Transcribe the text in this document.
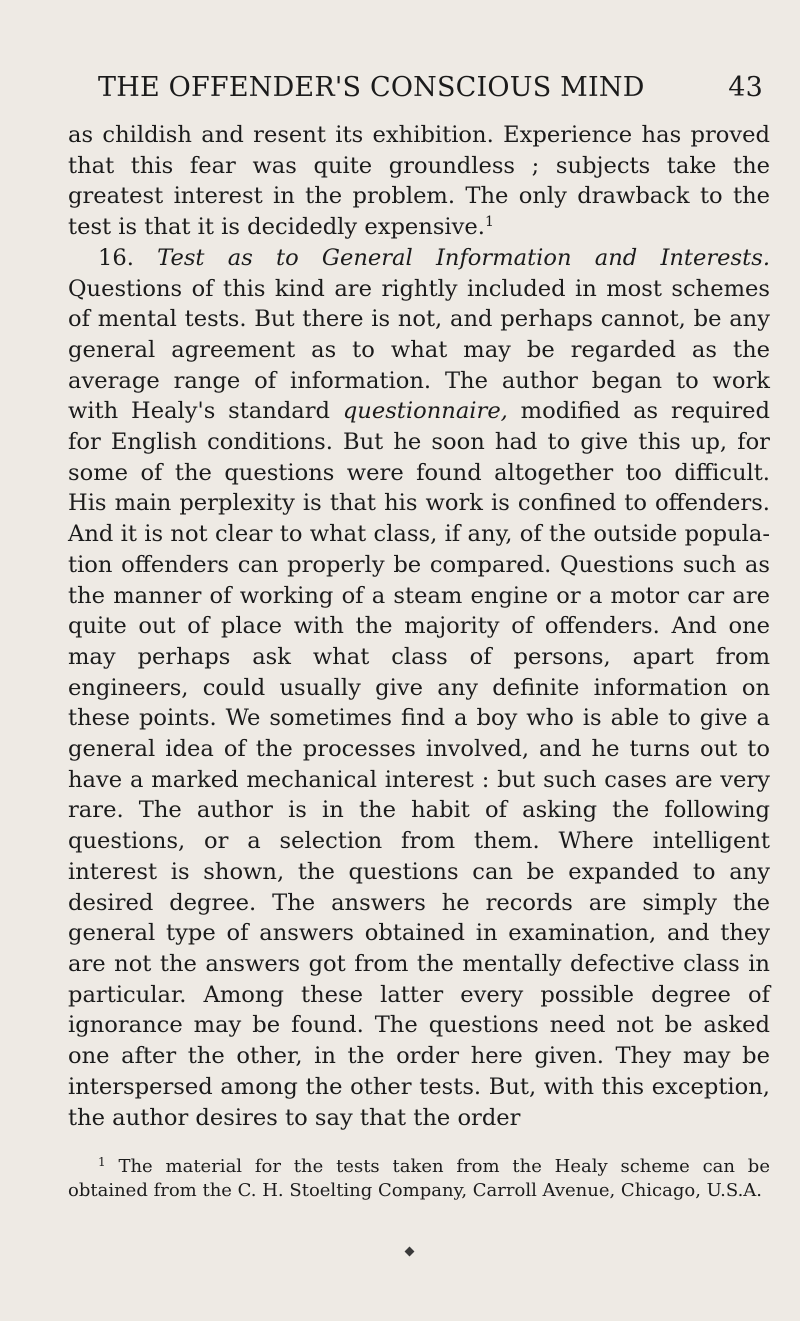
THE OFFENDER'S CONSCIOUS MIND	43

as childish and resent its exhibition. Experience has proved that this fear was quite groundless ; subjects take the greatest interest in the problem. The only drawback to the test is that it is decidedly expensive.$^1$

16. Test as to General Information and Interests. Questions of this kind are rightly included in most schemes of mental tests. But there is not, and perhaps cannot, be any general agreement as to what may be regarded as the average range of information. The author began to work with Healy's standard questionnaire, modified as required for English conditions. But he soon had to give this up, for some of the questions were found altogether too difficult. His main perplexity is that his work is confined to offenders. And it is not clear to what class, if any, of the outside population offenders can properly be compared. Questions such as the manner of working of a steam engine or a motor car are quite out of place with the majority of offenders. And one may perhaps ask what class of persons, apart from engineers, could usually give any definite information on these points. We sometimes find a boy who is able to give a general idea of the processes involved, and he turns out to have a marked mechanical interest : but such cases are very rare. The author is in the habit of asking the following questions, or a selection from them. Where intelligent interest is shown, the questions can be expanded to any desired degree. The answers he records are simply the general type of answers obtained in examination, and they are not the answers got from the mentally defective class in particular. Among these latter every possible degree of ignorance may be found. The questions need not be asked one after the other, in the order here given. They may be interspersed among the other tests. But, with this exception, the author desires to say that the order

$^1$ The material for the tests taken from the Healy scheme can be obtained from the C. H. Stoelting Company, Carroll Avenue, Chicago, U.S.A.
